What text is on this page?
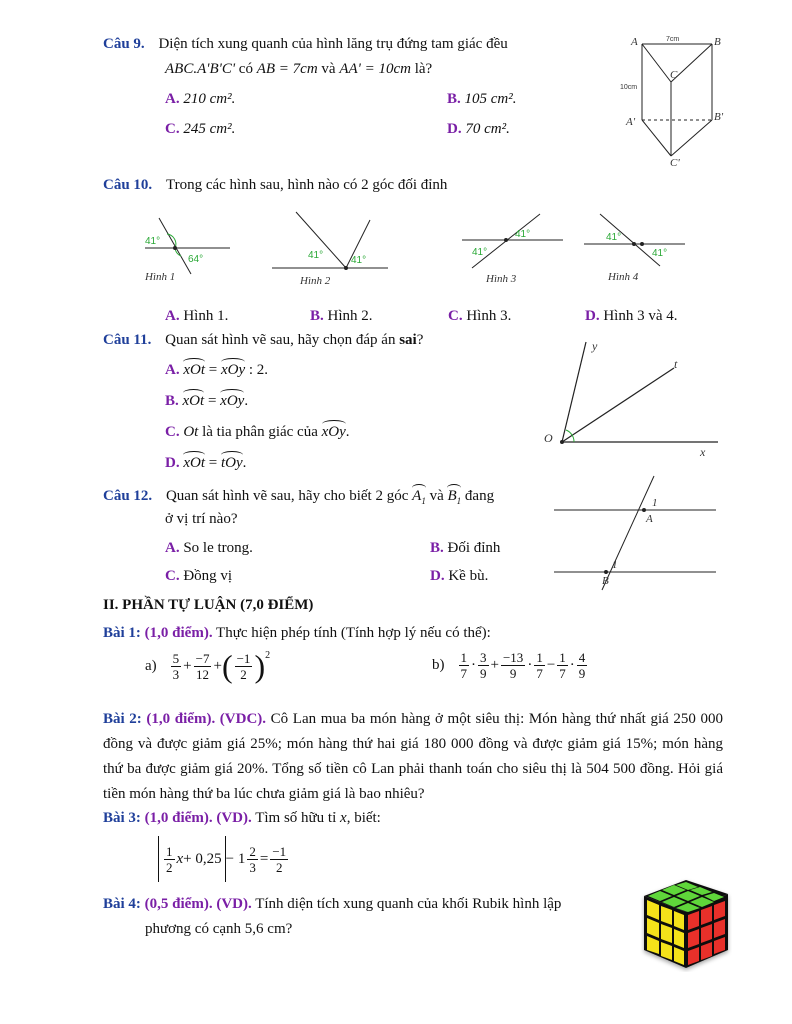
Câu 9. Diện tích xung quanh của hình lăng trụ đứng tam giác đều
ABC.A'B'C' có AB = 7cm và AA' = 10cm là?
A. 210 cm².	B. 105 cm².
C. 245 cm².	D. 70 cm².
A	B
C
A'	B'
C'
7cm
10cm
Câu 10. Trong các hình sau, hình nào có 2 góc đối đỉnh
41°
64°
Hình 1
41°	41°
Hình 2
41°
41°
Hình 3
41°
41°
Hình 4
A. Hình 1.	B. Hình 2.	C. Hình 3.	D. Hình 3 và 4.
Câu 11. Quan sát hình vẽ sau, hãy chọn đáp án sai?
A. xOt = xOy : 2.
B. xOt = xOy.
C. Ot là tia phân giác của xOy.
D. xOt = tOy.
O
x
y
t
Câu 12. Quan sát hình vẽ sau, hãy cho biết 2 góc $A_1$ và $B_1$ đang
ở vị trí nào?
A. So le trong.	B. Đối đỉnh
C. Đồng vị	D. Kề bù.
A
B
1
1
II. PHẦN TỰ LUẬN (7,0 ĐIỂM)
Bài 1: (1,0 điểm). Thực hiện phép tính (Tính hợp lý nếu có thể):
$a) \frac{5}{3} + \frac{-7}{12}$ + ( $\frac{-1}{2} )^2$
$b) \frac{1}{7} \cdot \frac{3}{9} + \frac{-13}{9} \cdot \frac{1}{7} - \frac{1}{7} \cdot \frac{4}{9}$
Bài 2: (1,0 điểm). (VDC). Cô Lan mua ba món hàng ở một siêu thị: Món hàng thứ nhất giá 250 000 đồng và được giảm giá 25%; món hàng thứ hai giá 180 000 đồng và được giảm giá 15%; món hàng thứ ba được giảm giá 20%. Tổng số tiền cô Lan phải thanh toán cho siêu thị là 504 500 đồng. Hỏi giá tiền món hàng thứ ba lúc chưa giảm giá là bao nhiêu?
Bài 3: (1,0 điểm). (VD). Tìm số hữu tỉ x, biết:
$\frac{1}{2}$ $x + 0,25 - 1 \frac{2}{3} = \frac{-1}{2}$
Bài 4: (0,5 điểm). (VD). Tính diện tích xung quanh của khối Rubik hình lập
phương có cạnh 5,6 cm?
